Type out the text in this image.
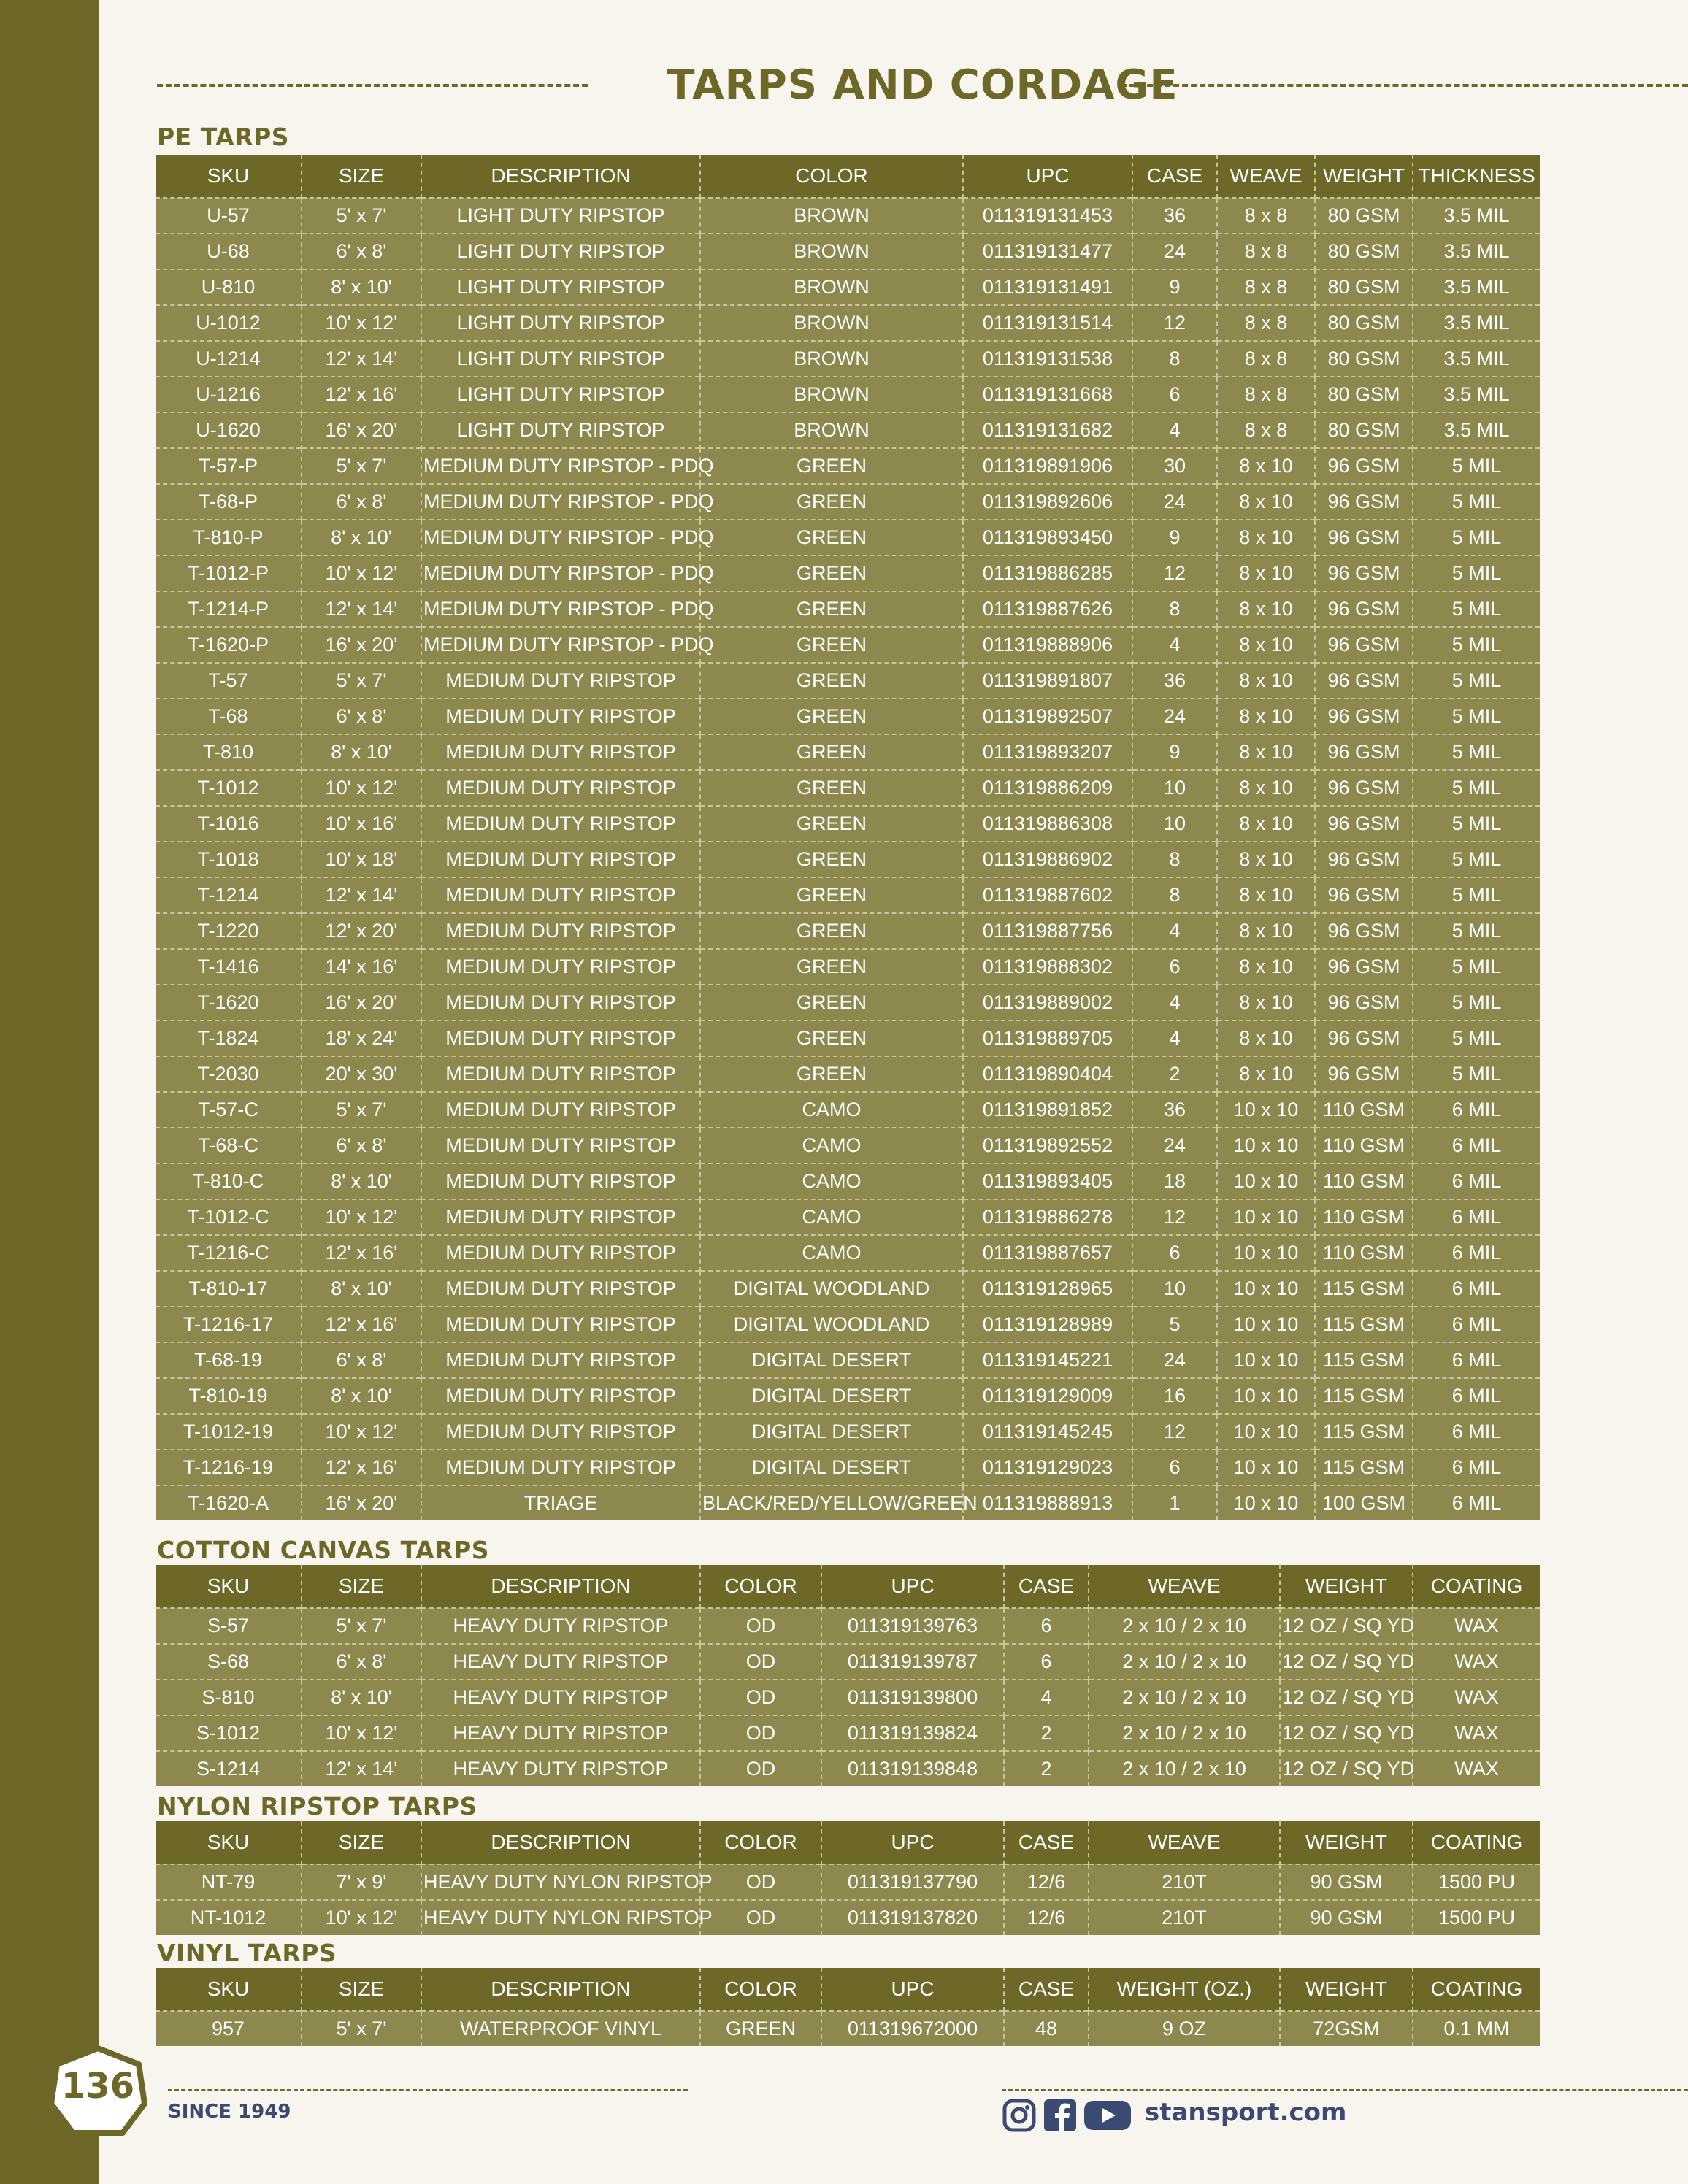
TARPS AND CORDAGE
PE TARPS
SKU	SIZE	DESCRIPTION	COLOR	UPC	CASE	WEAVE	WEIGHT	THICKNESS
U-57	5' x 7'	LIGHT DUTY RIPSTOP	BROWN	011319131453	36	8 x 8	80 GSM	3.5 MIL
U-68	6' x 8'	LIGHT DUTY RIPSTOP	BROWN	011319131477	24	8 x 8	80 GSM	3.5 MIL
U-810	8' x 10'	LIGHT DUTY RIPSTOP	BROWN	011319131491	9	8 x 8	80 GSM	3.5 MIL
U-1012	10' x 12'	LIGHT DUTY RIPSTOP	BROWN	011319131514	12	8 x 8	80 GSM	3.5 MIL
U-1214	12' x 14'	LIGHT DUTY RIPSTOP	BROWN	011319131538	8	8 x 8	80 GSM	3.5 MIL
U-1216	12' x 16'	LIGHT DUTY RIPSTOP	BROWN	011319131668	6	8 x 8	80 GSM	3.5 MIL
U-1620	16' x 20'	LIGHT DUTY RIPSTOP	BROWN	011319131682	4	8 x 8	80 GSM	3.5 MIL
T-57-P	5' x 7'	MEDIUM DUTY RIPSTOP - PDQ	GREEN	011319891906	30	8 x 10	96 GSM	5 MIL
T-68-P	6' x 8'	MEDIUM DUTY RIPSTOP - PDQ	GREEN	011319892606	24	8 x 10	96 GSM	5 MIL
T-810-P	8' x 10'	MEDIUM DUTY RIPSTOP - PDQ	GREEN	011319893450	9	8 x 10	96 GSM	5 MIL
T-1012-P	10' x 12'	MEDIUM DUTY RIPSTOP - PDQ	GREEN	011319886285	12	8 x 10	96 GSM	5 MIL
T-1214-P	12' x 14'	MEDIUM DUTY RIPSTOP - PDQ	GREEN	011319887626	8	8 x 10	96 GSM	5 MIL
T-1620-P	16' x 20'	MEDIUM DUTY RIPSTOP - PDQ	GREEN	011319888906	4	8 x 10	96 GSM	5 MIL
T-57	5' x 7'	MEDIUM DUTY RIPSTOP	GREEN	011319891807	36	8 x 10	96 GSM	5 MIL
T-68	6' x 8'	MEDIUM DUTY RIPSTOP	GREEN	011319892507	24	8 x 10	96 GSM	5 MIL
T-810	8' x 10'	MEDIUM DUTY RIPSTOP	GREEN	011319893207	9	8 x 10	96 GSM	5 MIL
T-1012	10' x 12'	MEDIUM DUTY RIPSTOP	GREEN	011319886209	10	8 x 10	96 GSM	5 MIL
T-1016	10' x 16'	MEDIUM DUTY RIPSTOP	GREEN	011319886308	10	8 x 10	96 GSM	5 MIL
T-1018	10' x 18'	MEDIUM DUTY RIPSTOP	GREEN	011319886902	8	8 x 10	96 GSM	5 MIL
T-1214	12' x 14'	MEDIUM DUTY RIPSTOP	GREEN	011319887602	8	8 x 10	96 GSM	5 MIL
T-1220	12' x 20'	MEDIUM DUTY RIPSTOP	GREEN	011319887756	4	8 x 10	96 GSM	5 MIL
T-1416	14' x 16'	MEDIUM DUTY RIPSTOP	GREEN	011319888302	6	8 x 10	96 GSM	5 MIL
T-1620	16' x 20'	MEDIUM DUTY RIPSTOP	GREEN	011319889002	4	8 x 10	96 GSM	5 MIL
T-1824	18' x 24'	MEDIUM DUTY RIPSTOP	GREEN	011319889705	4	8 x 10	96 GSM	5 MIL
T-2030	20' x 30'	MEDIUM DUTY RIPSTOP	GREEN	011319890404	2	8 x 10	96 GSM	5 MIL
T-57-C	5' x 7'	MEDIUM DUTY RIPSTOP	CAMO	011319891852	36	10 x 10	110 GSM	6 MIL
T-68-C	6' x 8'	MEDIUM DUTY RIPSTOP	CAMO	011319892552	24	10 x 10	110 GSM	6 MIL
T-810-C	8' x 10'	MEDIUM DUTY RIPSTOP	CAMO	011319893405	18	10 x 10	110 GSM	6 MIL
T-1012-C	10' x 12'	MEDIUM DUTY RIPSTOP	CAMO	011319886278	12	10 x 10	110 GSM	6 MIL
T-1216-C	12' x 16'	MEDIUM DUTY RIPSTOP	CAMO	011319887657	6	10 x 10	110 GSM	6 MIL
T-810-17	8' x 10'	MEDIUM DUTY RIPSTOP	DIGITAL WOODLAND	011319128965	10	10 x 10	115 GSM	6 MIL
T-1216-17	12' x 16'	MEDIUM DUTY RIPSTOP	DIGITAL WOODLAND	011319128989	5	10 x 10	115 GSM	6 MIL
T-68-19	6' x 8'	MEDIUM DUTY RIPSTOP	DIGITAL DESERT	011319145221	24	10 x 10	115 GSM	6 MIL
T-810-19	8' x 10'	MEDIUM DUTY RIPSTOP	DIGITAL DESERT	011319129009	16	10 x 10	115 GSM	6 MIL
T-1012-19	10' x 12'	MEDIUM DUTY RIPSTOP	DIGITAL DESERT	011319145245	12	10 x 10	115 GSM	6 MIL
T-1216-19	12' x 16'	MEDIUM DUTY RIPSTOP	DIGITAL DESERT	011319129023	6	10 x 10	115 GSM	6 MIL
T-1620-A	16' x 20'	TRIAGE	BLACK/RED/YELLOW/GREEN	011319888913	1	10 x 10	100 GSM	6 MIL
COTTON CANVAS TARPS
SKU	SIZE	DESCRIPTION	COLOR	UPC	CASE	WEAVE	WEIGHT	COATING
S-57	5' x 7'	HEAVY DUTY RIPSTOP	OD	011319139763	6	2 x 10 / 2 x 10	12 OZ / SQ YD	WAX
S-68	6' x 8'	HEAVY DUTY RIPSTOP	OD	011319139787	6	2 x 10 / 2 x 10	12 OZ / SQ YD	WAX
S-810	8' x 10'	HEAVY DUTY RIPSTOP	OD	011319139800	4	2 x 10 / 2 x 10	12 OZ / SQ YD	WAX
S-1012	10' x 12'	HEAVY DUTY RIPSTOP	OD	011319139824	2	2 x 10 / 2 x 10	12 OZ / SQ YD	WAX
S-1214	12' x 14'	HEAVY DUTY RIPSTOP	OD	011319139848	2	2 x 10 / 2 x 10	12 OZ / SQ YD	WAX
NYLON RIPSTOP TARPS
SKU	SIZE	DESCRIPTION	COLOR	UPC	CASE	WEAVE	WEIGHT	COATING
NT-79	7' x 9'	HEAVY DUTY NYLON RIPSTOP	OD	011319137790	12/6	210T	90 GSM	1500 PU
NT-1012	10' x 12'	HEAVY DUTY NYLON RIPSTOP	OD	011319137820	12/6	210T	90 GSM	1500 PU
VINYL TARPS
SKU	SIZE	DESCRIPTION	COLOR	UPC	CASE	WEIGHT (OZ.)	WEIGHT	COATING
957	5' x 7'	WATERPROOF VINYL	GREEN	011319672000	48	9 OZ	72GSM	0.1 MM
136
SINCE 1949	stansport.com
